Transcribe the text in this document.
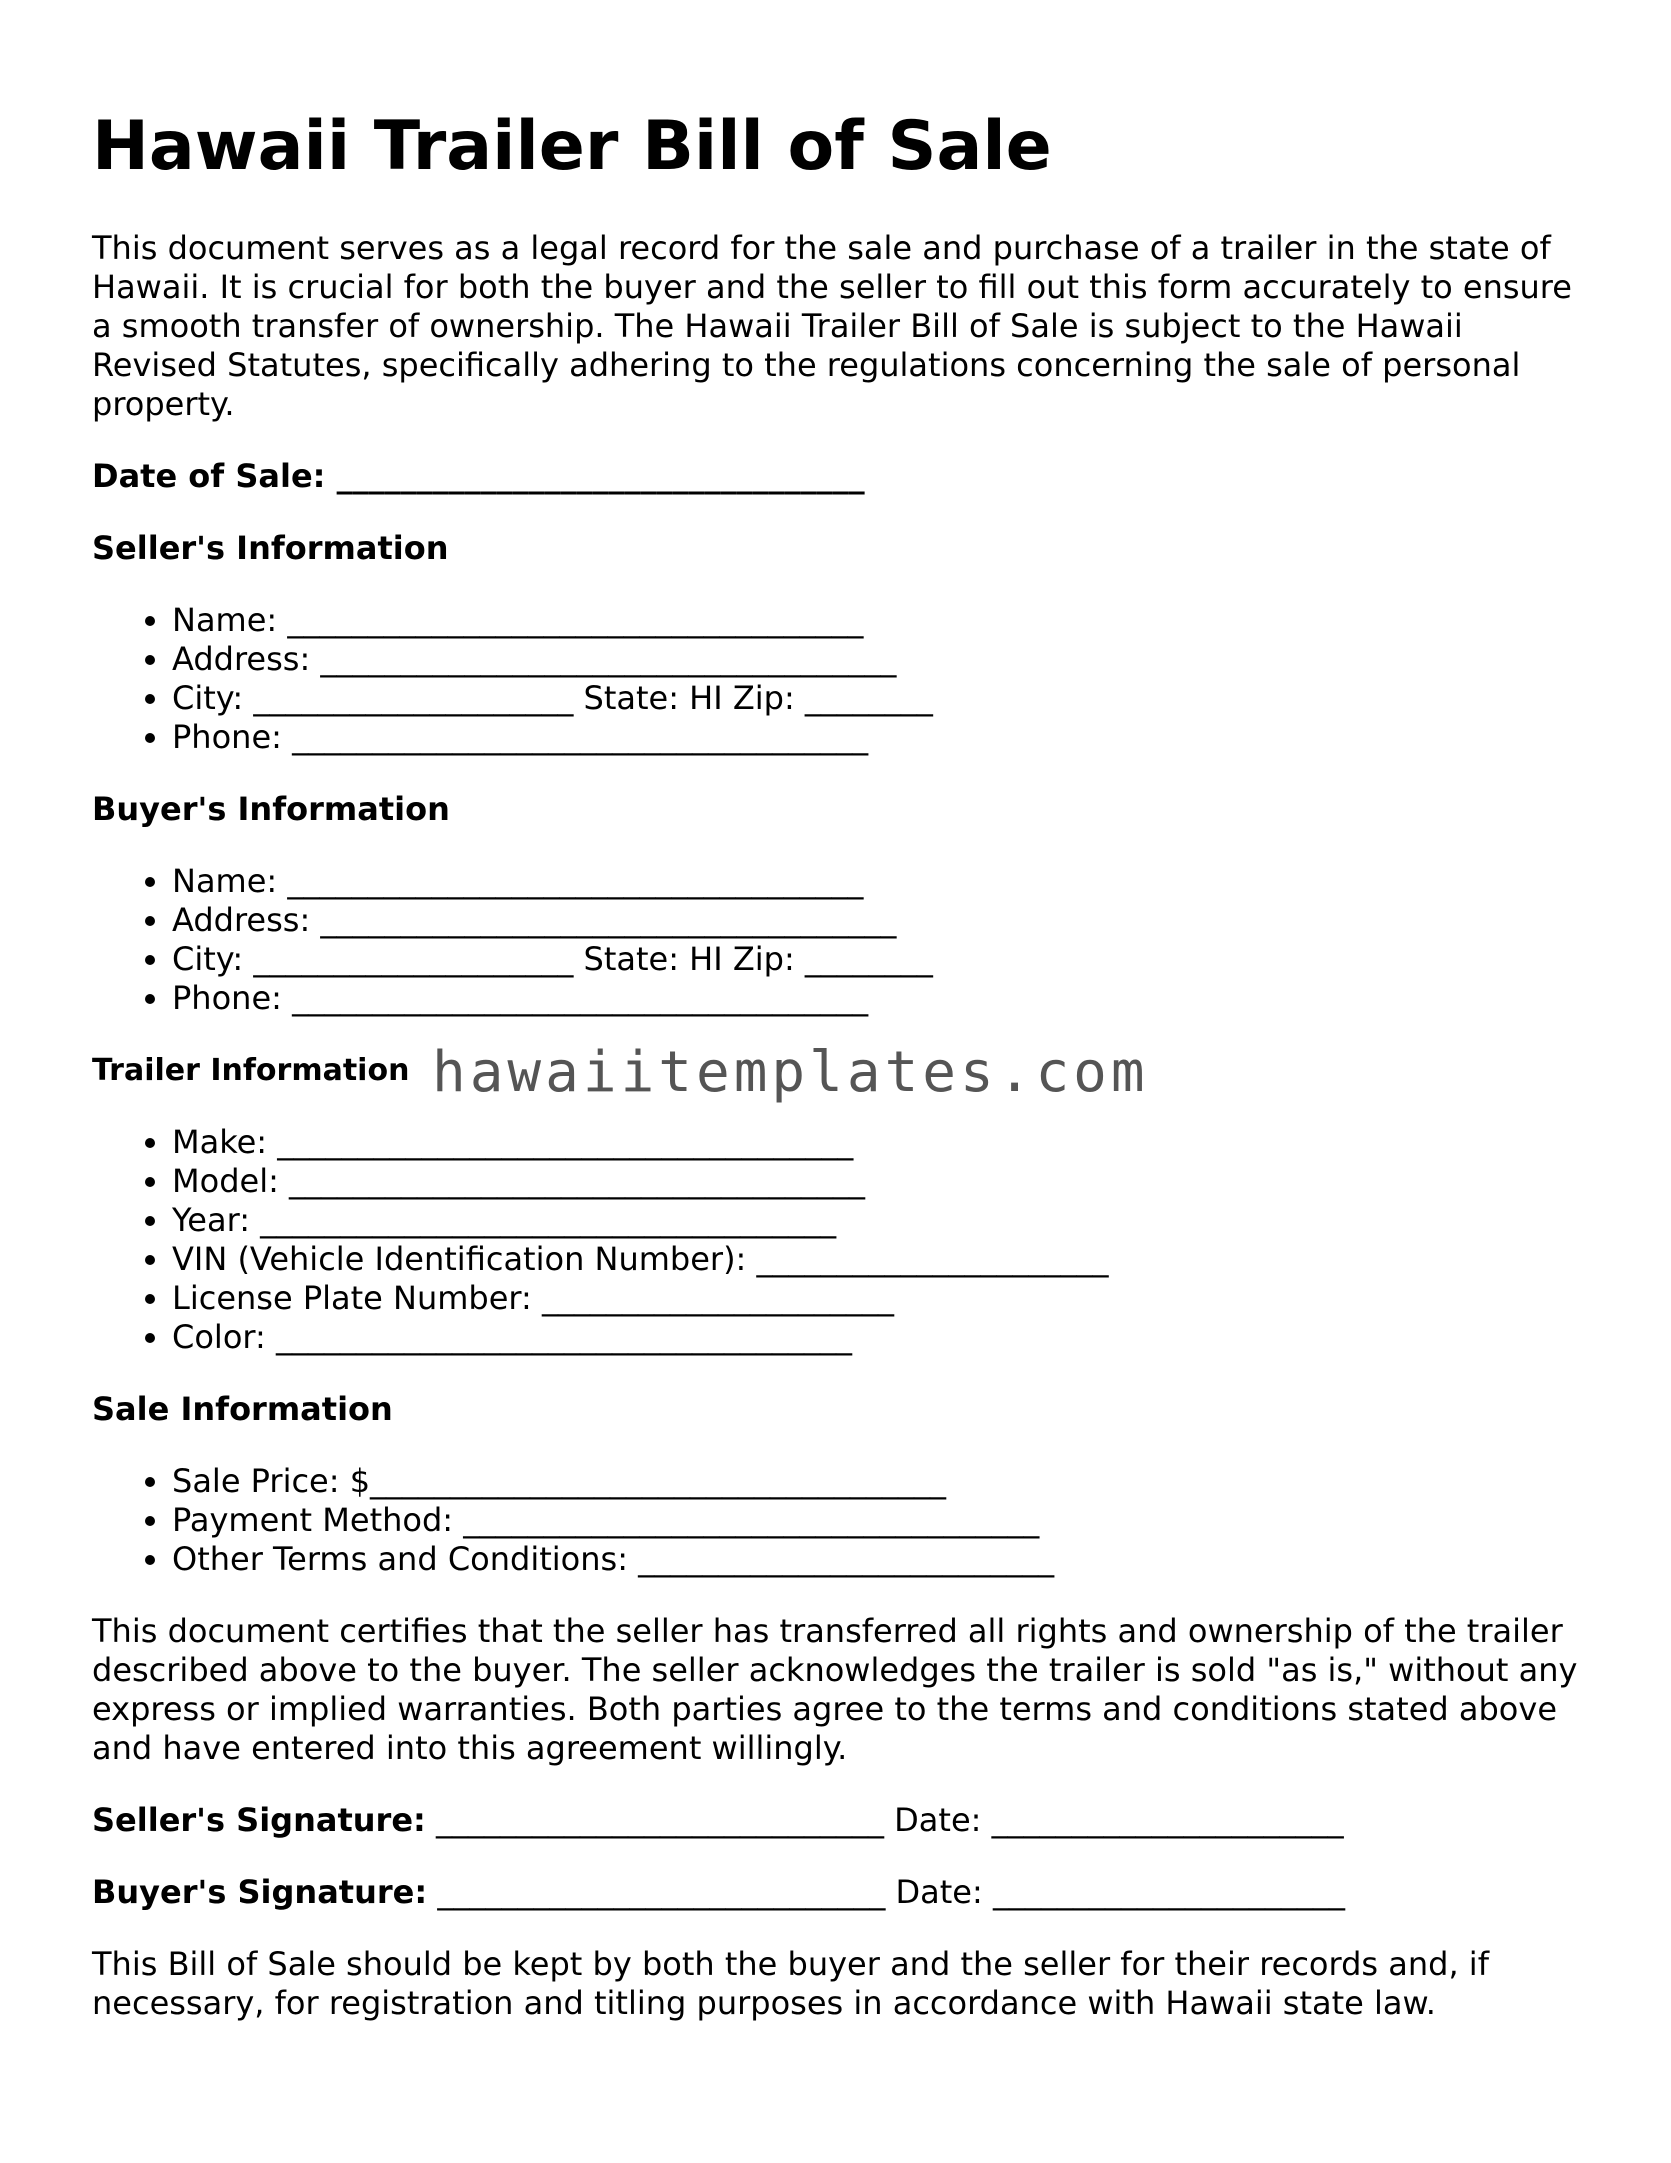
Hawaii Trailer Bill of Sale

This document serves as a legal record for the sale and purchase of a trailer in the state of Hawaii. It is crucial for both the buyer and the seller to fill out this form accurately to ensure a smooth transfer of ownership. The Hawaii Trailer Bill of Sale is subject to the Hawaii Revised Statutes, specifically adhering to the regulations concerning the sale of personal property.

Date of Sale: _________________________________
Seller's Information
• Name: ____________________________________
• Address: ____________________________________
• City: ____________________ State: HI Zip: ________
• Phone: ____________________________________
Buyer's Information
• Name: ____________________________________
• Address: ____________________________________
• City: ____________________ State: HI Zip: ________
• Phone: ____________________________________
Trailer Information hawaiitemplates.com
• Make: ____________________________________
• Model: ____________________________________
• Year: ____________________________________
• VIN (Vehicle Identification Number): ______________________
• License Plate Number: ______________________
• Color: ____________________________________
Sale Information
• Sale Price: $____________________________________
• Payment Method: ____________________________________
• Other Terms and Conditions: __________________________

This document certifies that the seller has transferred all rights and ownership of the trailer described above to the buyer. The seller acknowledges the trailer is sold "as is," without any express or implied warranties. Both parties agree to the terms and conditions stated above and have entered into this agreement willingly.

Seller's Signature: ____________________________ Date: ______________________
Buyer's Signature: ____________________________ Date: ______________________

This Bill of Sale should be kept by both the buyer and the seller for their records and, if necessary, for registration and titling purposes in accordance with Hawaii state law.
